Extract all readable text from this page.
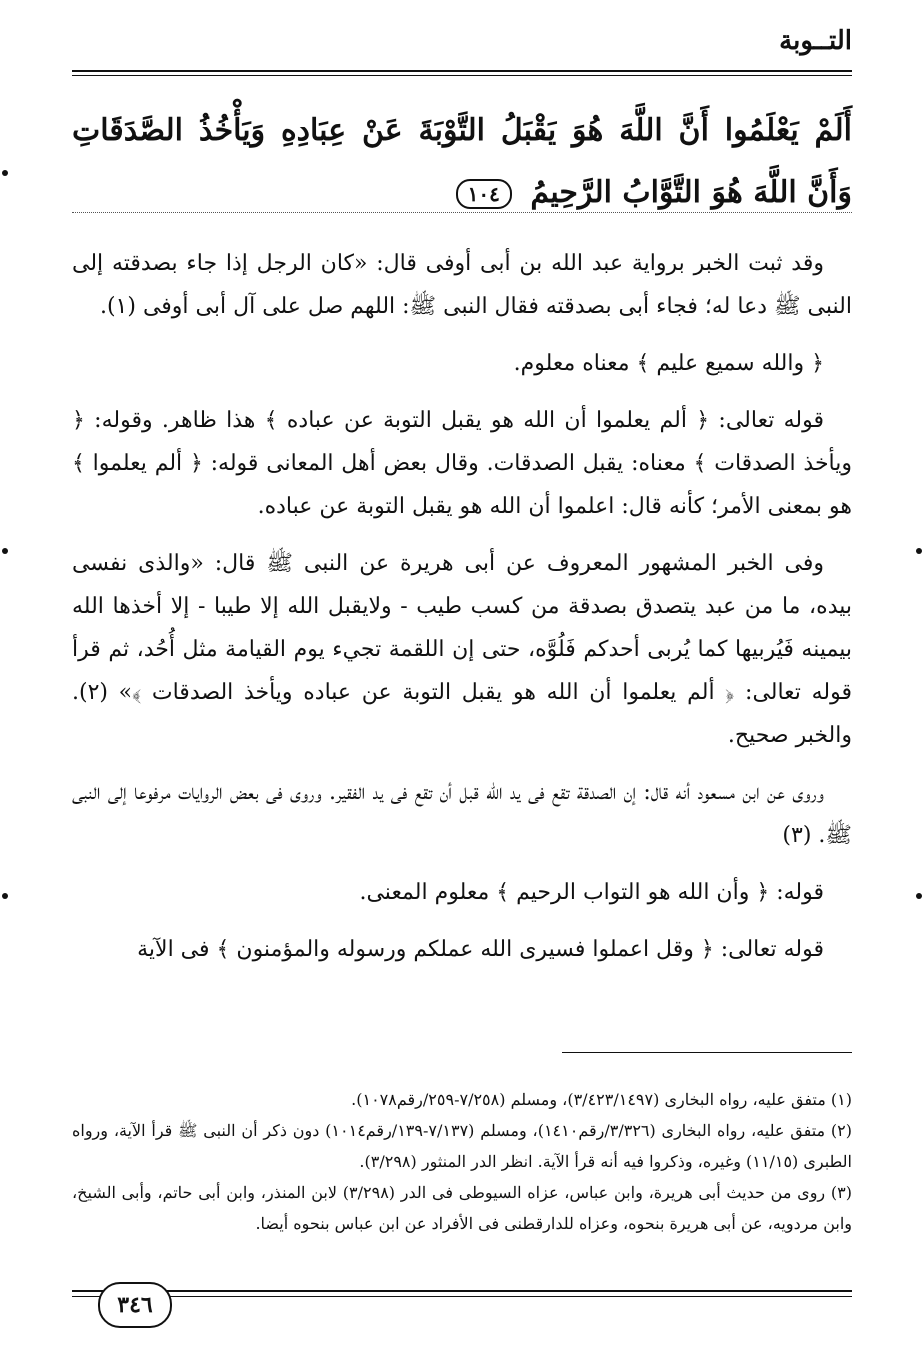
التــوبة
أَلَمْ يَعْلَمُوا أَنَّ اللَّهَ هُوَ يَقْبَلُ التَّوْبَةَ عَنْ عِبَادِهِ وَيَأْخُذُ الصَّدَقَاتِ وَأَنَّ اللَّهَ هُوَ التَّوَّابُ الرَّحِيمُ ١٠٤

وقد ثبت الخبر برواية عبد الله بن أبى أوفى قال: «كان الرجل إذا جاء بصدقته إلى النبى ﷺ دعا له؛ فجاء أبى بصدقته فقال النبى ﷺ: اللهم صل على آل أبى أوفى (١).

﴿ والله سميع عليم ﴾ معناه معلوم.

قوله تعالى: ﴿ ألم يعلموا أن الله هو يقبل التوبة عن عباده ﴾ هذا ظاهر. وقوله: ﴿ ويأخذ الصدقات ﴾ معناه: يقبل الصدقات. وقال بعض أهل المعانى قوله: ﴿ ألم يعلموا ﴾ هو بمعنى الأمر؛ كأنه قال: اعلموا أن الله هو يقبل التوبة عن عباده.

وفى الخبر المشهور المعروف عن أبى هريرة عن النبى ﷺ قال: «والذى نفسى بيده، ما من عبد يتصدق بصدقة من كسب طيب - ولايقبل الله إلا طيبا - إلا أخذها الله بيمينه فَيُربيها كما يُربى أحدكم فَلُوَّه، حتى إن اللقمة تجيء يوم القيامة مثل أُحُد، ثم قرأ قوله تعالى: ﴿ ألم يعلموا أن الله هو يقبل التوبة عن عباده ويأخذ الصدقات ﴾» (٢). والخبر صحيح.

وروى عن ابن مسعود أنه قال: إن الصدقة تقع فى يد الله قبل أن تقع فى يد الفقير. وروى فى بعض الروايات مرفوعا إلى النبى ﷺ. (٣)

قوله: ﴿ وأن الله هو التواب الرحيم ﴾ معلوم المعنى.

قوله تعالى: ﴿ وقل اعملوا فسيرى الله عملكم ورسوله والمؤمنون ﴾ فى الآية

(١) متفق عليه، رواه البخارى (٣/٤٢٣/١٤٩٧)، ومسلم (٧/٢٥٨-٢٥٩/رقم١٠٧٨).

(٢) متفق عليه، رواه البخارى (٣/٣٢٦/رقم١٤١٠)، ومسلم (٧/١٣٧-١٣٩/رقم١٠١٤) دون ذكر أن النبى ﷺ قرأ الآية، ورواه الطبرى (١١/١٥) وغيره، وذكروا فيه أنه قرأ الآية. انظر الدر المنثور (٣/٢٩٨).

(٣) روى من حديث أبى هريرة، وابن عباس، عزاه السيوطى فى الدر (٣/٢٩٨) لابن المنذر، وابن أبى حاتم، وأبى الشيخ، وابن مردويه، عن أبى هريرة بنحوه، وعزاه للدارقطنى فى الأفراد عن ابن عباس بنحوه أيضا.

٣٤٦
